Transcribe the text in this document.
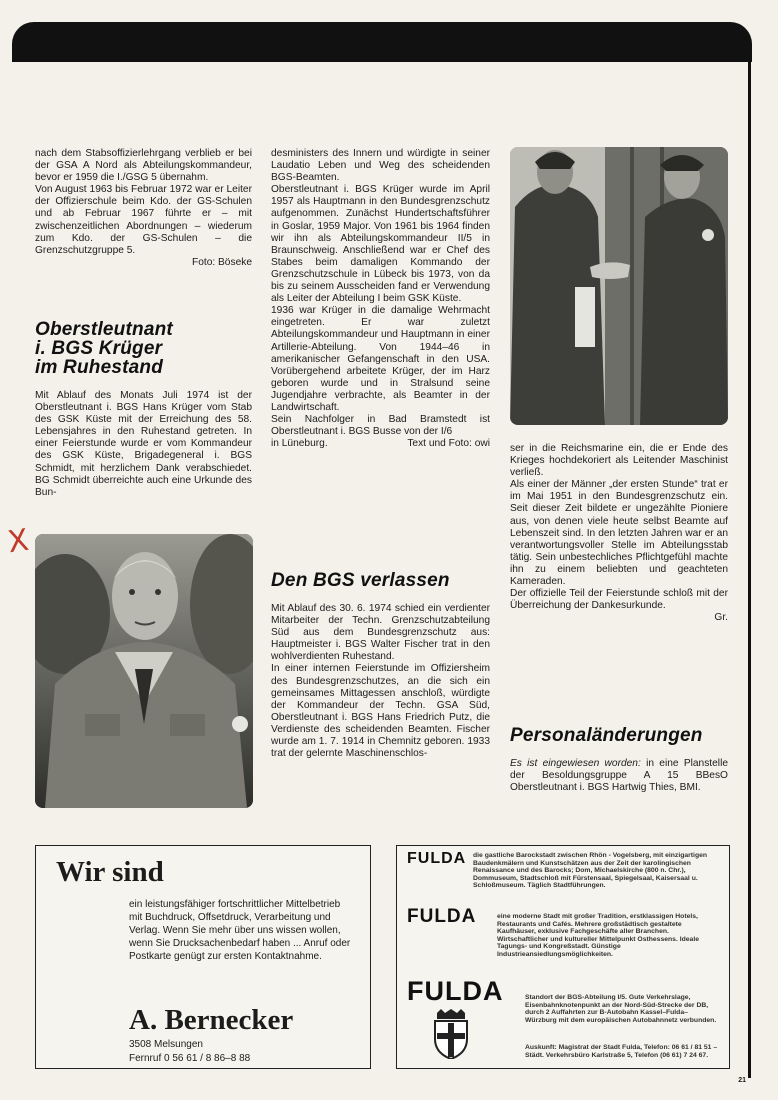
nach dem Stabsoffizierlehrgang verblieb er bei der GSA A Nord als Abteilungskommandeur, bevor er 1959 die I./GSG 5 übernahm.

Von August 1963 bis Februar 1972 war er Leiter der Offizierschule beim Kdo. der GS-Schulen und ab Februar 1967 führte er – mit zwischenzeitlichen Abordnungen – wiederum zum Kdo. der GS-Schulen – die Grenzschutzgruppe 5.

Foto: Böseke

Oberstleutnant
i. BGS Krüger
im Ruhestand

Mit Ablauf des Monats Juli 1974 ist der Oberstleutnant i. BGS Hans Krüger vom Stab des GSK Küste mit der Erreichung des 58. Lebensjahres in den Ruhestand getreten. In einer Feierstunde wurde er vom Kommandeur des GSK Küste, Brigadegeneral i. BGS Schmidt, mit herzlichem Dank verabschiedet. BG Schmidt überreichte auch eine Urkunde des Bun-

X

desministers des Innern und würdigte in seiner Laudatio Leben und Weg des scheidenden BGS-Beamten.

Oberstleutnant i. BGS Krüger wurde im April 1957 als Hauptmann in den Bundesgrenzschutz aufgenommen. Zunächst Hundertschaftsführer in Goslar, 1959 Major. Von 1961 bis 1964 finden wir ihn als Abteilungskommandeur II/5 in Braunschweig. Anschließend war er Chef des Stabes beim damaligen Kommando der Grenzschutzschule in Lübeck bis 1973, von da bis zu seinem Ausscheiden fand er Verwendung als Leiter der Abteilung I beim GSK Küste.

1936 war Krüger in die damalige Wehrmacht eingetreten. Er war zuletzt Abteilungskommandeur und Hauptmann in einer Artillerie-Abteilung. Von 1944–46 in amerikanischer Gefangenschaft in den USA. Vorübergehend arbeitete Krüger, der im Harz geboren wurde und in Stralsund seine Jugendjahre verbrachte, als Beamter in der Landwirtschaft.

Sein Nachfolger in Bad Bramstedt ist Oberstleutnant i. BGS Busse von der I/6

in Lüneburg.	Text und Foto: owi

Den BGS verlassen

Mit Ablauf des 30. 6. 1974 schied ein verdienter Mitarbeiter der Techn. Grenzschutzabteilung Süd aus dem Bundesgrenzschutz aus: Hauptmeister i. BGS Walter Fischer trat in den wohlverdienten Ruhestand.

In einer internen Feierstunde im Offiziersheim des Bundesgrenzschutzes, an die sich ein gemeinsames Mittagessen anschloß, würdigte der Kommandeur der Techn. GSA Süd, Oberstleutnant i. BGS Hans Friedrich Putz, die Verdienste des scheidenden Beamten. Fischer wurde am 1. 7. 1914 in Chemnitz geboren. 1933 trat der gelernte Maschinenschlos-

ser in die Reichsmarine ein, die er Ende des Krieges hochdekoriert als Leitender Maschinist verließ.

Als einer der Männer „der ersten Stunde“ trat er im Mai 1951 in den Bundesgrenzschutz ein. Seit dieser Zeit bildete er ungezählte Pioniere aus, von denen viele heute selbst Beamte auf Lebenszeit sind. In den letzten Jahren war er an verantwortungsvoller Stelle im Abteilungsstab tätig. Sein unbestechliches Pflichtgefühl machte ihn zu einem beliebten und geachteten Kameraden.

Der offizielle Teil der Feierstunde schloß mit der Überreichung der Dankesurkunde.

Gr.

Personaländerungen

Es ist eingewiesen worden: in eine Planstelle der Besoldungsgruppe A 15 BBesO Oberstleutnant i. BGS Hartwig Thies, BMI.

Wir sind
ein leistungsfähiger fortschrittlicher Mittelbetrieb mit Buchdruck, Offsetdruck, Verarbeitung und Verlag. Wenn Sie mehr über uns wissen wollen, wenn Sie Drucksachenbedarf haben ... Anruf oder Postkarte genügt zur ersten Kontaktnahme.
A. Bernecker
3508 Melsungen
Fernruf 0 56 61 / 8 86–8 88
FULDA die gastliche Barockstadt zwischen Rhön - Vogelsberg, mit einzigartigen Baudenkmälern und Kunstschätzen aus der Zeit der karolingischen Renaissance und des Barocks; Dom, Michaelskirche (800 n. Chr.), Dommuseum, Stadtschloß mit Fürstensaal, Spiegelsaal, Kaisersaal u. Schloßmuseum. Täglich Stadtführungen.
FULDA	eine moderne Stadt mit großer Tradition, erstklassigen Hotels, Restaurants und Cafés. Mehrere großstädtisch gestaltete Kaufhäuser, exklusive Fachgeschäfte aller Branchen. Wirtschaftlicher und kultureller Mittelpunkt Osthessens. Ideale Tagungs- und Kongreßstadt. Günstige Industrieansiedlungsmöglichkeiten.
FULDA	Standort der BGS-Abteilung I/5. Gute Verkehrslage, Eisenbahnknotenpunkt an der Nord-Süd-Strecke der DB, durch 2 Auffahrten zur B-Autobahn Kassel–Fulda–Würzburg mit dem europäischen Autobahnnetz verbunden.
Auskunft: Magistrat der Stadt Fulda, Telefon: 06 61 / 81 51 – Städt. Verkehrsbüro Karlstraße 5, Telefon (06 61) 7 24 67.
21
